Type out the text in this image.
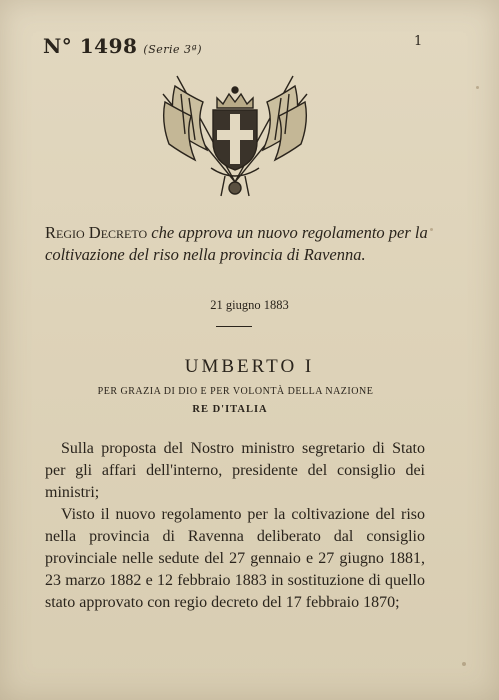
N° 1498 (Serie 3ª)
1
Regio Decreto che approva un nuovo regolamento per la coltivazione del riso nella provincia di Ravenna.
21 giugno 1883
UMBERTO I
PER GRAZIA DI DIO E PER VOLONTÀ DELLA NAZIONE
RE D'ITALIA

Sulla proposta del Nostro ministro segretario di Stato per gli affari dell'interno, presidente del consiglio dei ministri;

Visto il nuovo regolamento per la coltivazione del riso nella provincia di Ravenna deliberato dal consiglio provinciale nelle sedute del 27 gennaio e 27 giugno 1881, 23 marzo 1882 e 12 febbraio 1883 in sostituzione di quello stato approvato con regio decreto del 17 febbraio 1870;
